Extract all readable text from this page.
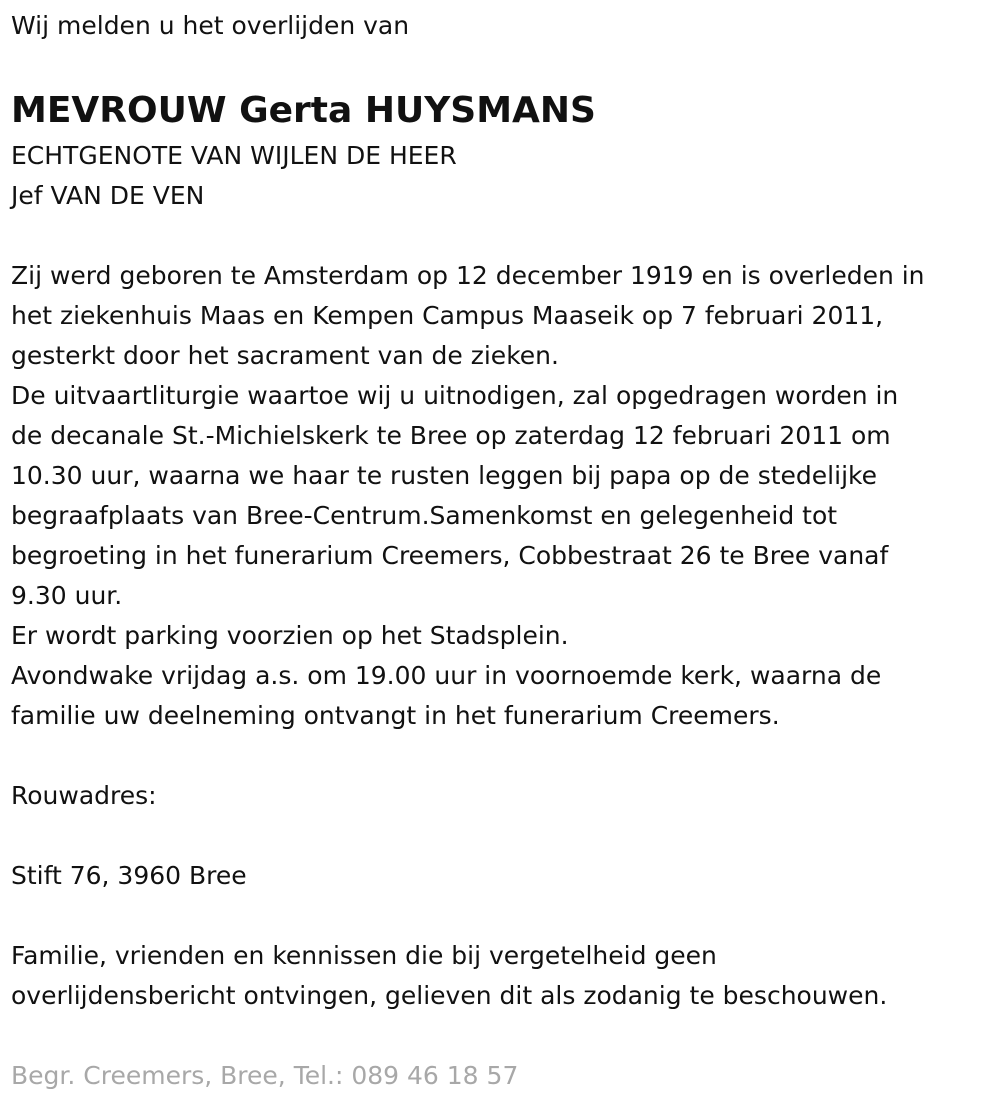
Wij melden u het overlijden van
MEVROUW Gerta HUYSMANS
ECHTGENOTE VAN WIJLEN DE HEER
Jef VAN DE VEN
Zij werd geboren te Amsterdam op 12 december 1919 en is overleden in
het ziekenhuis Maas en Kempen Campus Maaseik op 7 februari 2011,
gesterkt door het sacrament van de zieken.
De uitvaartliturgie waartoe wij u uitnodigen, zal opgedragen worden in
de decanale St.-Michielskerk te Bree op zaterdag 12 februari 2011 om
10.30 uur, waarna we haar te rusten leggen bij papa op de stedelijke
begraafplaats van Bree-Centrum.Samenkomst en gelegenheid tot
begroeting in het funerarium Creemers, Cobbestraat 26 te Bree vanaf
9.30 uur.
Er wordt parking voorzien op het Stadsplein.
Avondwake vrijdag a.s. om 19.00 uur in voornoemde kerk, waarna de
familie uw deelneming ontvangt in het funerarium Creemers.
Rouwadres:
Stift 76, 3960 Bree
Familie, vrienden en kennissen die bij vergetelheid geen
overlijdensbericht ontvingen, gelieven dit als zodanig te beschouwen.
Begr. Creemers, Bree, Tel.: 089 46 18 57
